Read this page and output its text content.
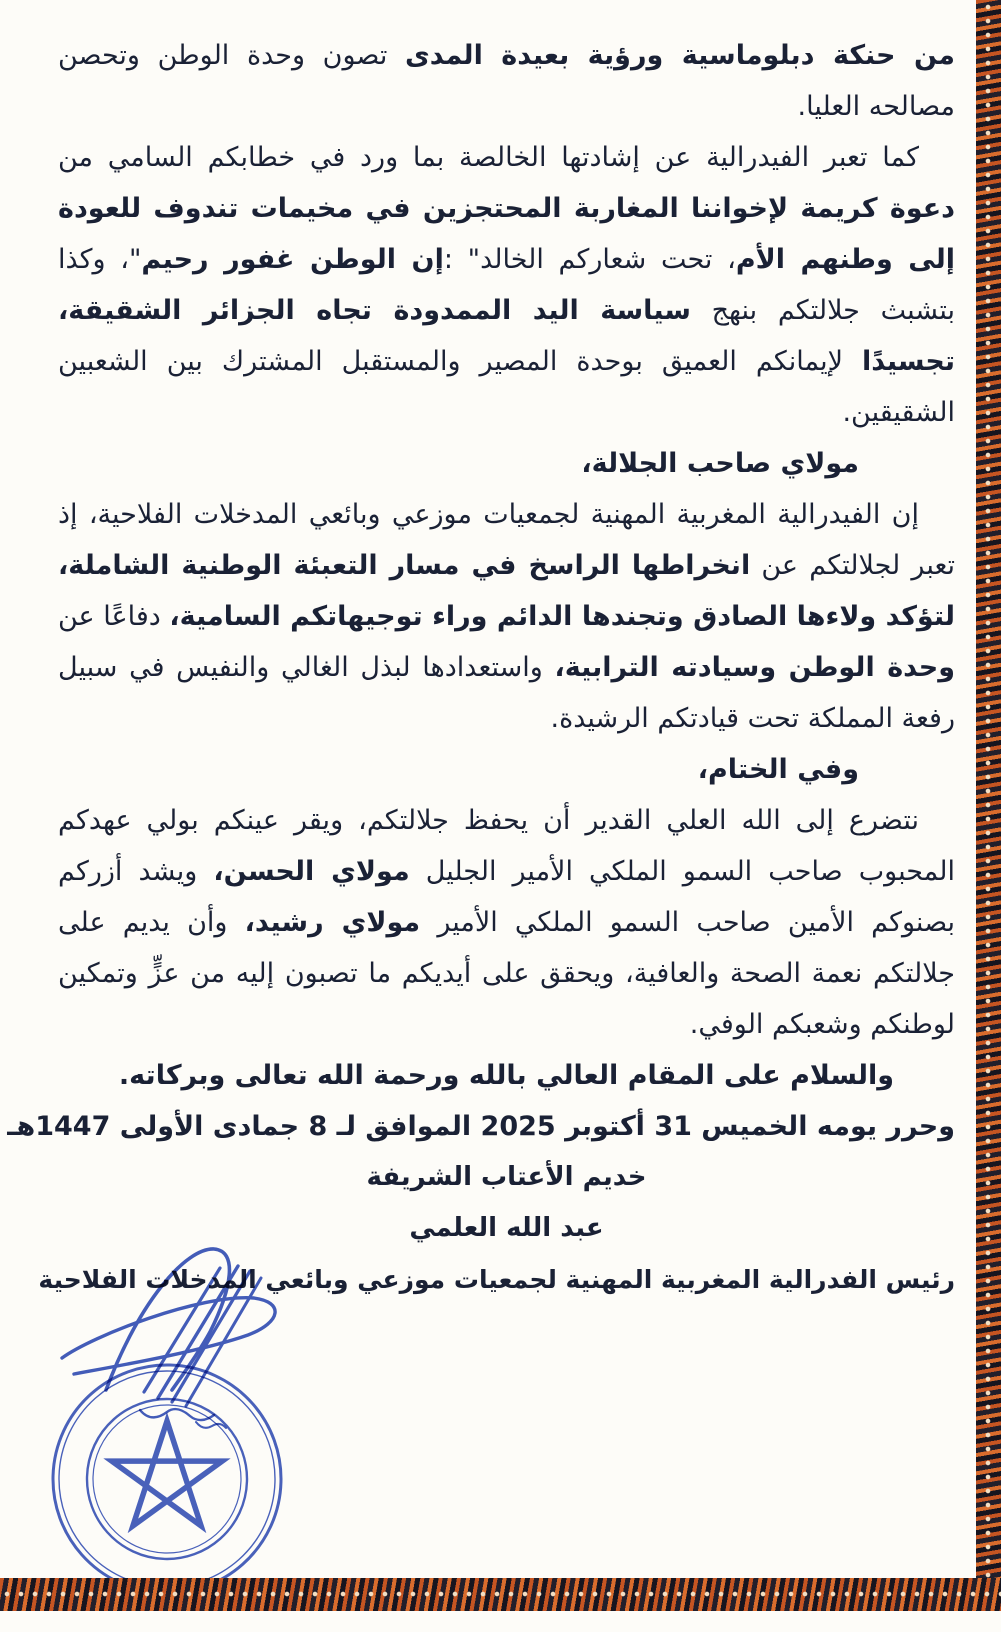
من حنكة دبلوماسية ورؤية بعيدة المدى تصون وحدة الوطن وتحصن مصالحه العليا.

كما تعبر الفيدرالية عن إشادتها الخالصة بما ورد في خطابكم السامي من دعوة كريمة لإخواننا المغاربة المحتجزين في مخيمات تندوف للعودة إلى وطنهم الأم، تحت شعاركم الخالد" :إن الوطن غفور رحيم"، وكذا بتشبث جلالتكم بنهج سياسة اليد الممدودة تجاه الجزائر الشقيقة، تجسيدًا لإيمانكم العميق بوحدة المصير والمستقبل المشترك بين الشعبين الشقيقين.

مولاي صاحب الجلالة،

إن الفيدرالية المغربية المهنية لجمعيات موزعي وبائعي المدخلات الفلاحية، إذ تعبر لجلالتكم عن انخراطها الراسخ في مسار التعبئة الوطنية الشاملة، لتؤكد ولاءها الصادق وتجندها الدائم وراء توجيهاتكم السامية، دفاعًا عن وحدة الوطن وسيادته الترابية، واستعدادها لبذل الغالي والنفيس في سبيل رفعة المملكة تحت قيادتكم الرشيدة.

وفي الختام،

نتضرع إلى الله العلي القدير أن يحفظ جلالتكم، ويقر عينكم بولي عهدكم المحبوب صاحب السمو الملكي الأمير الجليل مولاي الحسن، ويشد أزركم بصنوكم الأمين صاحب السمو الملكي الأمير مولاي رشيد، وأن يديم على جلالتكم نعمة الصحة والعافية، ويحقق على أيديكم ما تصبون إليه من عزٍّ وتمكين لوطنكم وشعبكم الوفي.

والسلام على المقام العالي بالله ورحمة الله تعالى وبركاته.

وحرر يومه الخميس 31 أكتوبر 2025 الموافق لـ 8 جمادى الأولى 1447هـ

خديم الأعتاب الشريفة

عبد الله العلمي

رئيس الفدرالية المغربية المهنية لجمعيات موزعي وبائعي المدخلات الفلاحية
